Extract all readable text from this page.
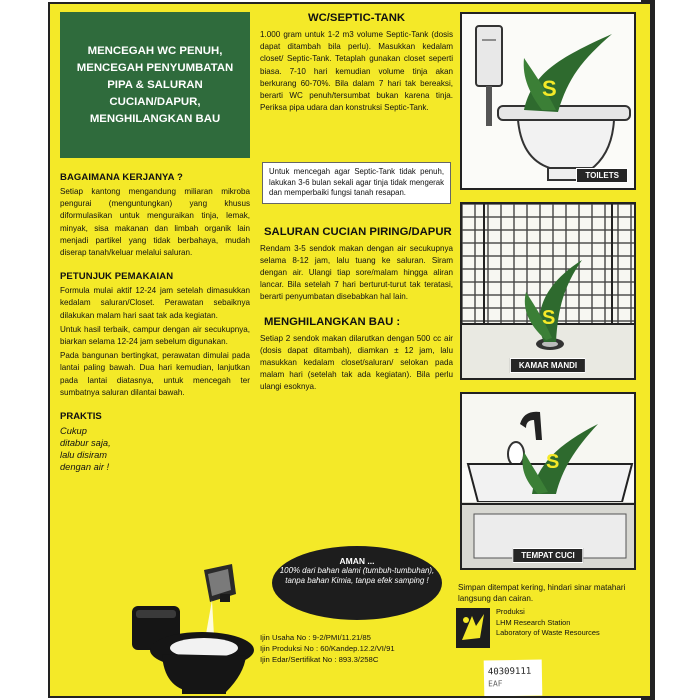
MENCEGAH WC PENUH,
MENCEGAH PENYUMBATAN
PIPA & SALURAN
CUCIAN/DAPUR,
MENGHILANGKAN BAU
BAGAIMANA KERJANYA ?
Setiap kantong mengandung miliaran mikroba pengurai (menguntungkan) yang khusus diformulasikan untuk menguraikan tinja, lemak, minyak, sisa makanan dan limbah organik lain menjadi partikel yang tidak berbahaya, mudah diserap tanah/keluar melalui saluran.
PETUNJUK PEMAKAIAN
Formula mulai aktif 12-24 jam setelah dimasukkan kedalam saluran/Closet. Perawatan sebaiknya dilakukan malam hari saat tak ada kegiatan.
Untuk hasil terbaik, campur dengan air secukupnya, biarkan selama 12-24 jam sebelum digunakan.
Pada bangunan bertingkat, perawatan dimulai pada lantai paling bawah. Dua hari kemudian, lanjutkan pada lantai diatasnya, untuk mencegah ter sumbatnya saluran dilantai bawah.
PRAKTIS
Cukup
ditabur saja,
lalu disiram
dengan air !
WC/SEPTIC-TANK
1.000 gram untuk 1-2 m3 volume Septic-Tank (dosis dapat ditambah bila perlu). Masukkan kedalam closet/ Septic-Tank. Tetaplah gunakan closet seperti biasa. 7-10 hari kemudian volume tinja akan berkurang 60-70%. Bila dalam 7 hari tak bereaksi, berarti WC penuh/tersumbat bukan karena tinja. Periksa pipa udara dan konstruksi Septic-Tank.
Untuk mencegah agar Septic-Tank tidak penuh, lakukan 3-6 bulan sekali agar tinja tidak mengerak dan memperbaiki fungsi tanah resapan.
SALURAN CUCIAN PIRING/DAPUR
Rendam 3-5 sendok makan dengan air secukupnya selama 8-12 jam, lalu tuang ke saluran. Siram dengan air. Ulangi tiap sore/malam hingga aliran lancar. Bila setelah 7 hari berturut-turut tak teratasi, berarti penyumbatan disebabkan hal lain.
MENGHILANGKAN BAU :
Setiap 2 sendok makan dilarutkan dengan 500 cc air (dosis dapat ditambah), diamkan ± 12 jam, lalu masukkan kedalam closet/saluran/ selokan pada malam hari (setelah tak ada kegiatan). Bila perlu ulangi esoknya.
AMAN ...
100% dari bahan alami (tumbuh-tumbuhan), tanpa bahan Kimia, tanpa efek samping !
Ijin Usaha No : 9-2/PMI/11.21/85
Ijin Produksi No : 60/Kandep.12.2/VI/91
Ijin Edar/Sertifikat No : 893.3/258C
S
TOILETS
S
KAMAR MANDI
S
TEMPAT CUCI
Simpan ditempat kering, hindari sinar matahari langsung dan cairan.
Produksi
LHM Research Station
Laboratory of Waste Resources
40309111
EAF
